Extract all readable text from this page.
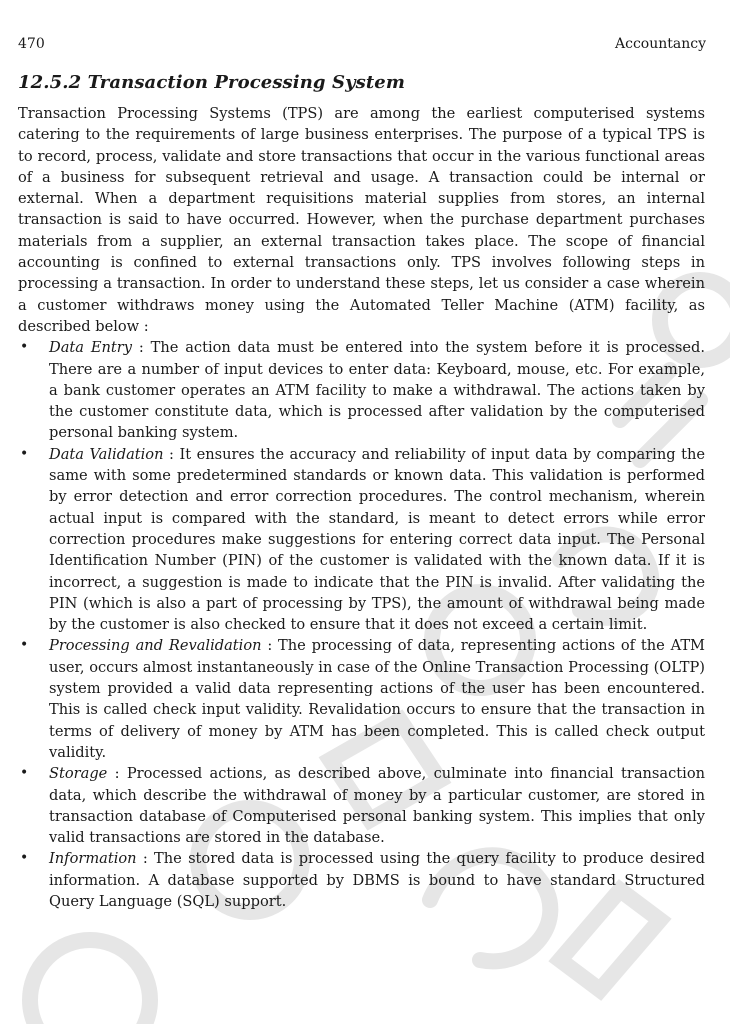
470	Accountancy
12.5.2 Transaction Processing System

Transaction Processing Systems (TPS) are among the earliest computerised systems catering to the requirements of large business enterprises. The purpose of a typical TPS is to record, process, validate and store transactions that occur in the various functional areas of a business for subsequent retrieval and usage. A transaction could be internal or external. When a department requisitions material supplies from stores, an internal transaction is said to have occurred. However, when the purchase department purchases materials from a supplier, an external transaction takes place. The scope of financial accounting is confined to external transactions only. TPS involves following steps in processing a transaction. In order to understand these steps, let us consider a case wherein a customer withdraws money using the Automated Teller Machine (ATM) facility, as described below :

• Data Entry : The action data must be entered into the system before it is processed. There are a number of input devices to enter data: Keyboard, mouse, etc. For example, a bank customer operates an ATM facility to make a withdrawal. The actions taken by the customer constitute data, which is processed after validation by the computerised personal banking system.
• Data Validation : It ensures the accuracy and reliability of input data by comparing the same with some predetermined standards or known data. This validation is performed by error detection and error correction procedures. The control mechanism, wherein actual input is compared with the standard, is meant to detect errors while error correction procedures make suggestions for entering correct data input. The Personal Identification Number (PIN) of the customer is validated with the known data. If it is incorrect, a suggestion is made to indicate that the PIN is invalid. After validating the PIN (which is also a part of processing by TPS), the amount of withdrawal being made by the customer is also checked to ensure that it does not exceed a certain limit.
• Processing and Revalidation : The processing of data, representing actions of the ATM user, occurs almost instantaneously in case of the Online Transaction Processing (OLTP) system provided a valid data representing actions of the user has been encountered. This is called check input validity. Revalidation occurs to ensure that the transaction in terms of delivery of money by ATM has been completed. This is called check output validity.
• Storage : Processed actions, as described above, culminate into financial transaction data, which describe the withdrawal of money by a particular customer, are stored in transaction database of Computerised personal banking system. This implies that only valid transactions are stored in the database.
• Information : The stored data is processed using the query facility to produce desired information. A database supported by DBMS is bound to have standard Structured Query Language (SQL) support.
